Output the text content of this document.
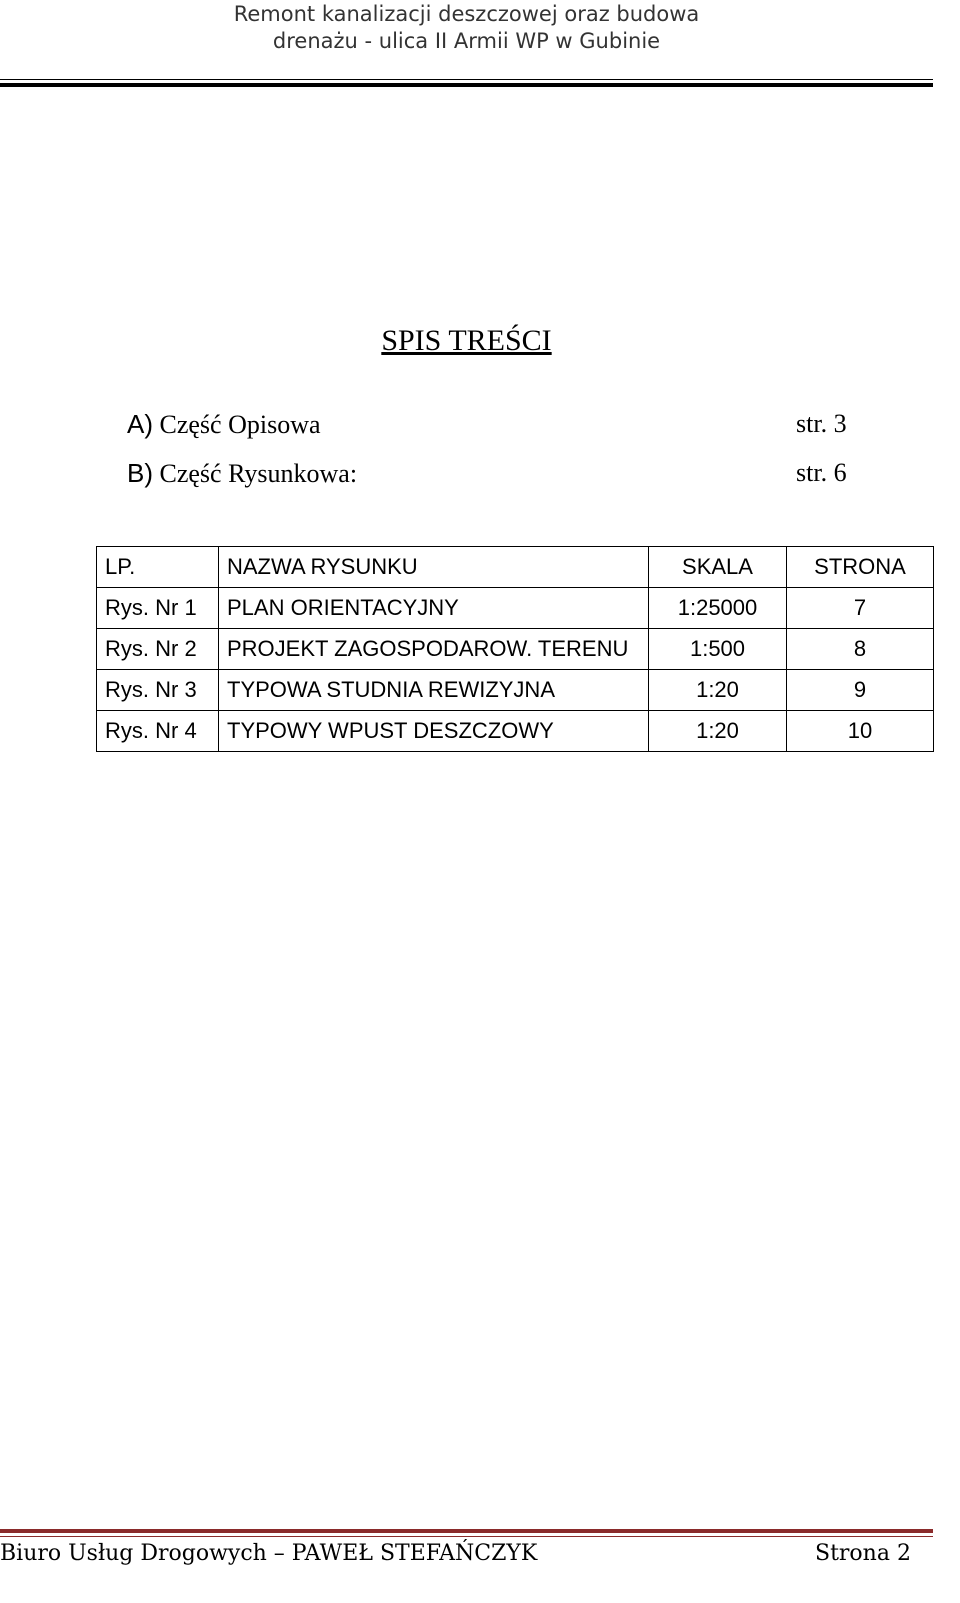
Remont kanalizacji deszczowej oraz budowa
drenażu - ulica II Armii WP w Gubinie
SPIS TREŚCI
A) Część Opisowa	str. 3
B) Część Rysunkowa:	str. 6
LP.	NAZWA RYSUNKU	SKALA	STRONA
Rys. Nr 1	PLAN ORIENTACYJNY	1:25000	7
Rys. Nr 2	PROJEKT ZAGOSPODAROW. TERENU	1:500	8
Rys. Nr 3	TYPOWA STUDNIA REWIZYJNA	1:20	9
Rys. Nr 4	TYPOWY WPUST DESZCZOWY	1:20	10
Biuro Usług Drogowych – PAWEŁ STEFAŃCZYK	Strona 2
